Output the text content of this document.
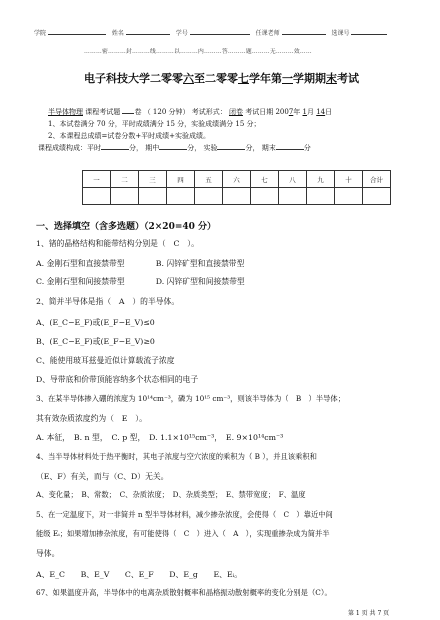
学院	姓名	学号	任课老师	选课号
………密………封………线………以………内………答………题………无………效……
电子科技大学二零零六至二零零七学年第一学期期末考试
半导体物理 课程考试题 卷 （ 120 分钟） 考试形式： 闭卷 考试日期 2007年 1月 14日
1、本试卷满分 70 分，平时成绩满分 15 分，实验成绩满分 15 分；
2、本课程总成绩=试卷分数+平时成绩+实验成绩。
课程成绩构成：平时	分， 期中	分， 实验	分， 期末	分
一	二	三	四	五	六	七	八	九	十	合计

一、选择填空（含多选题）（2×20=40 分）
1、锗的晶格结构和能带结构分别是（　C　）。
A. 金刚石型和直接禁带型　　　　B. 闪锌矿型和直接禁带型
C. 金刚石型和间接禁带型　　　　D. 闪锌矿型和间接禁带型
2、简并半导体是指（　A　）的半导体。
A、(E_C−E_F)或(E_F−E_V)≤0
B、(E_C−E_F)或(E_F−E_V)≥0
C、能使用玻耳兹曼近似计算载流子浓度
D、导带底和价带顶能容纳多个状态相同的电子
3、在某半导体掺入硼的浓度为 10¹⁴cm⁻³，磷为 10¹⁵ cm⁻³，则该半导体为（　B　）半导体；
其有效杂质浓度约为（　E　）。
A. 本征，　B. n 型，　C. p 型，　D. 1.1×10¹⁵cm⁻³，　E. 9×10¹⁴cm⁻³
4、当半导体材料处于热平衡时，其电子浓度与空穴浓度的乘积为（ B ），并且该乘积和
（E、F）有关，而与（C、D）无关。
A、变化量；　B、常数；　C、杂质浓度；　D、杂质类型；　E、禁带宽度；　F、温度
5、在一定温度下，对一非简并 n 型半导体材料，减少掺杂浓度，会使得（　C　）靠近中间
能级 Eᵢ；如果增加掺杂浓度，有可能使得（　C　）进入（　A　），实现重掺杂成为简并半
导体。
A、E_C　　B、E_V　　C、E_F　　D、E_g　　E、Eᵢ。
67、如果温度升高，半导体中的电离杂质散射概率和晶格振动散射概率的变化分别是（C）。
第 1 页 共 7 页
